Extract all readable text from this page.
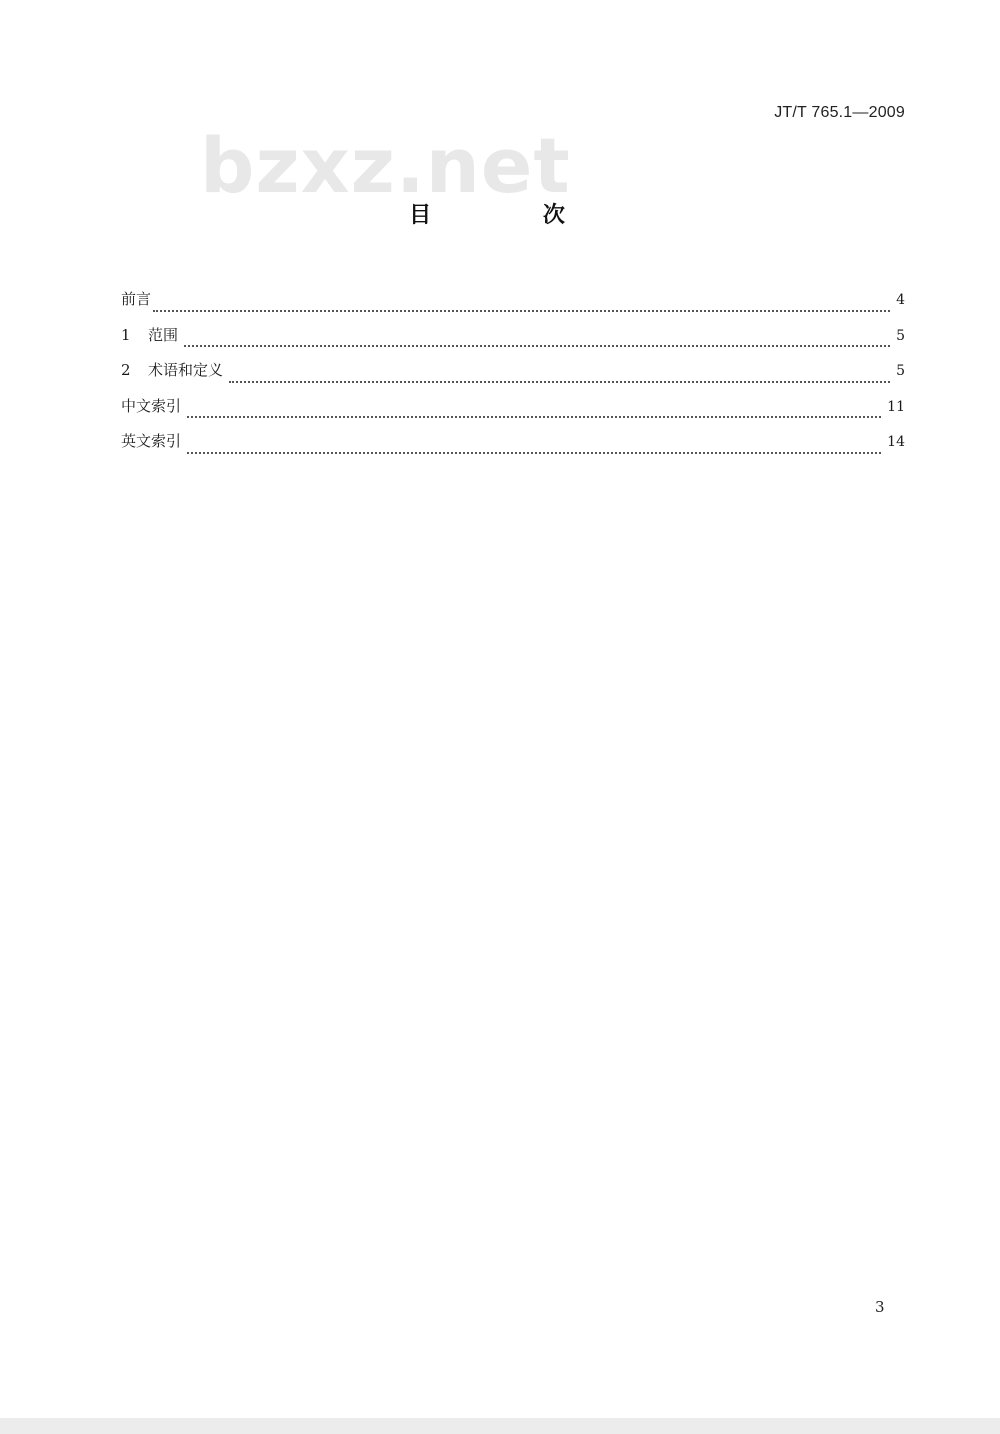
JT/T 765.1—2009
bzxz.net
目 次
前言	4
1	范围	5
2	术语和定义	5
中文索引	11
英文索引	14
3
